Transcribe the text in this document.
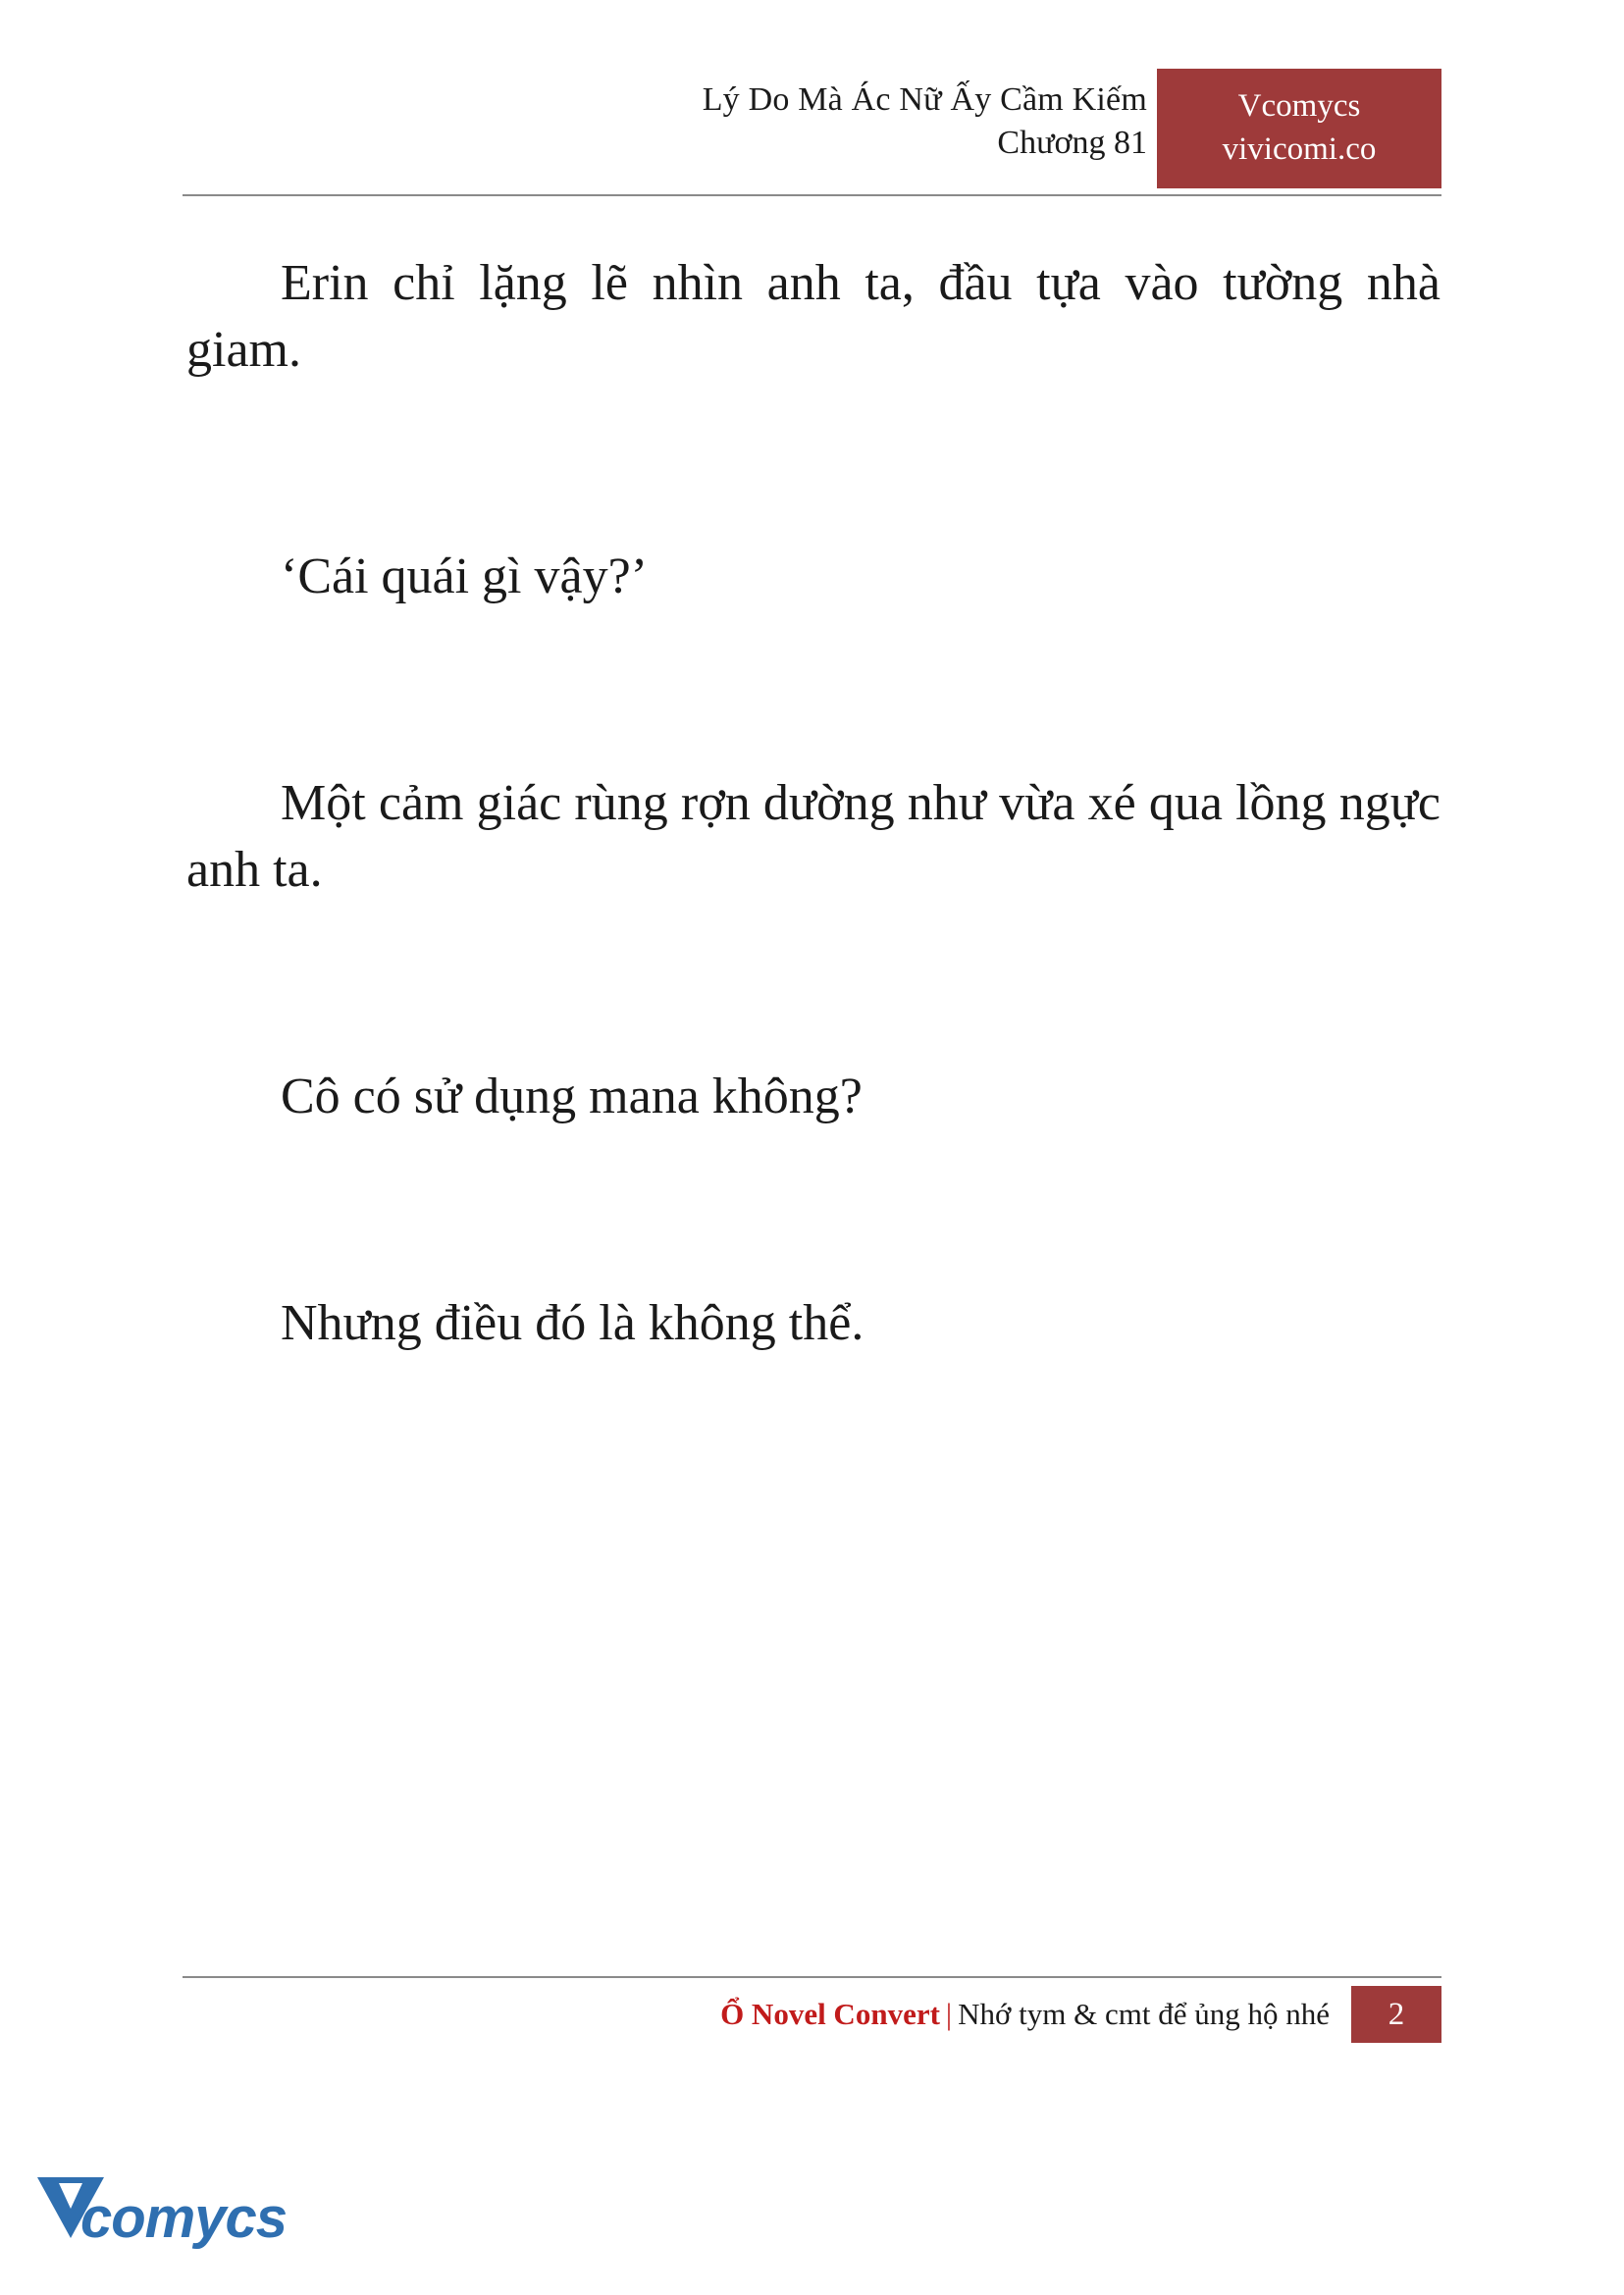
Lý Do Mà Ác Nữ Ấy Cầm Kiếm
Chương 81
Vcomycs
vivicomi.co

Erin chỉ lặng lẽ nhìn anh ta, đầu tựa vào tường nhà giam.

‘Cái quái gì vậy?’

Một cảm giác rùng rợn dường như vừa xé qua lồng ngực anh ta.

Cô có sử dụng mana không?

Nhưng điều đó là không thể.

Ổ Novel Convert | Nhớ tym & cmt để ủng hộ nhé	2
comycs
